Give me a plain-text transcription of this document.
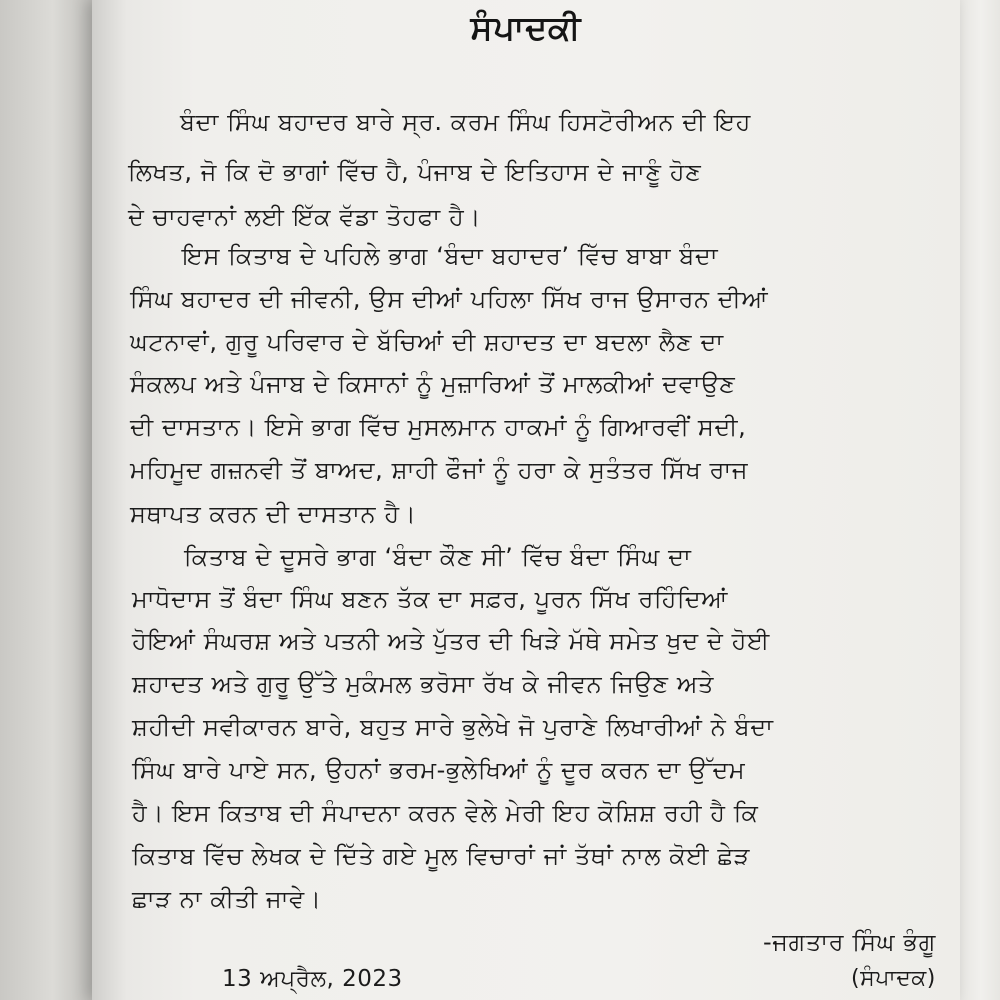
ਸੰਪਾਦਕੀ
ਬੰਦਾ ਸਿੰਘ ਬਹਾਦਰ ਬਾਰੇ ਸ੍ਰ. ਕਰਮ ਸਿੰਘ ਹਿਸਟੋਰੀਅਨ ਦੀ ਇਹ
ਲਿਖਤ, ਜੋ ਕਿ ਦੋ ਭਾਗਾਂ ਵਿੱਚ ਹੈ, ਪੰਜਾਬ ਦੇ ਇਤਿਹਾਸ ਦੇ ਜਾਣੂੰ ਹੋਣ
ਦੇ ਚਾਹਵਾਨਾਂ ਲਈ ਇੱਕ ਵੱਡਾ ਤੋਹਫਾ ਹੈ।
ਇਸ ਕਿਤਾਬ ਦੇ ਪਹਿਲੇ ਭਾਗ ‘ਬੰਦਾ ਬਹਾਦਰ’ ਵਿੱਚ ਬਾਬਾ ਬੰਦਾ
ਸਿੰਘ ਬਹਾਦਰ ਦੀ ਜੀਵਨੀ, ਉਸ ਦੀਆਂ ਪਹਿਲਾ ਸਿੱਖ ਰਾਜ ਉਸਾਰਨ ਦੀਆਂ
ਘਟਨਾਵਾਂ, ਗੁਰੂ ਪਰਿਵਾਰ ਦੇ ਬੱਚਿਆਂ ਦੀ ਸ਼ਹਾਦਤ ਦਾ ਬਦਲਾ ਲੈਣ ਦਾ
ਸੰਕਲਪ ਅਤੇ ਪੰਜਾਬ ਦੇ ਕਿਸਾਨਾਂ ਨੂੰ ਮੁਜ਼ਾਰਿਆਂ ਤੋਂ ਮਾਲਕੀਆਂ ਦਵਾਉਣ
ਦੀ ਦਾਸਤਾਨ। ਇਸੇ ਭਾਗ ਵਿੱਚ ਮੁਸਲਮਾਨ ਹਾਕਮਾਂ ਨੂੰ ਗਿਆਰਵੀਂ ਸਦੀ,
ਮਹਿਮੂਦ ਗਜ਼ਨਵੀ ਤੋਂ ਬਾਅਦ, ਸ਼ਾਹੀ ਫੌਜਾਂ ਨੂੰ ਹਰਾ ਕੇ ਸੁਤੰਤਰ ਸਿੱਖ ਰਾਜ
ਸਥਾਪਤ ਕਰਨ ਦੀ ਦਾਸਤਾਨ ਹੈ।
ਕਿਤਾਬ ਦੇ ਦੂਸਰੇ ਭਾਗ ‘ਬੰਦਾ ਕੌਣ ਸੀ’ ਵਿੱਚ ਬੰਦਾ ਸਿੰਘ ਦਾ
ਮਾਧੋਦਾਸ ਤੋਂ ਬੰਦਾ ਸਿੰਘ ਬਣਨ ਤੱਕ ਦਾ ਸਫ਼ਰ, ਪੂਰਨ ਸਿੱਖ ਰਹਿੰਦਿਆਂ
ਹੋਇਆਂ ਸੰਘਰਸ਼ ਅਤੇ ਪਤਨੀ ਅਤੇ ਪੁੱਤਰ ਦੀ ਖਿੜੇ ਮੱਥੇ ਸਮੇਤ ਖੁਦ ਦੇ ਹੋਈ
ਸ਼ਹਾਦਤ ਅਤੇ ਗੁਰੂ ਉੱਤੇ ਮੁਕੰਮਲ ਭਰੋਸਾ ਰੱਖ ਕੇ ਜੀਵਨ ਜਿਉਣ ਅਤੇ
ਸ਼ਹੀਦੀ ਸਵੀਕਾਰਨ ਬਾਰੇ, ਬਹੁਤ ਸਾਰੇ ਭੁਲੇਖੇ ਜੋ ਪੁਰਾਣੇ ਲਿਖਾਰੀਆਂ ਨੇ ਬੰਦਾ
ਸਿੰਘ ਬਾਰੇ ਪਾਏ ਸਨ, ਉਹਨਾਂ ਭਰਮ-ਭੁਲੇਖਿਆਂ ਨੂੰ ਦੂਰ ਕਰਨ ਦਾ ਉੱਦਮ
ਹੈ। ਇਸ ਕਿਤਾਬ ਦੀ ਸੰਪਾਦਨਾ ਕਰਨ ਵੇਲੇ ਮੇਰੀ ਇਹ ਕੋਸ਼ਿਸ਼ ਰਹੀ ਹੈ ਕਿ
ਕਿਤਾਬ ਵਿੱਚ ਲੇਖਕ ਦੇ ਦਿੱਤੇ ਗਏ ਮੂਲ ਵਿਚਾਰਾਂ ਜਾਂ ਤੱਥਾਂ ਨਾਲ ਕੋਈ ਛੇੜ
ਛਾੜ ਨਾ ਕੀਤੀ ਜਾਵੇ।
-ਜਗਤਾਰ ਸਿੰਘ ਭੰਗੂ
13 ਅਪ੍ਰੈਲ, 2023	(ਸੰਪਾਦਕ)
